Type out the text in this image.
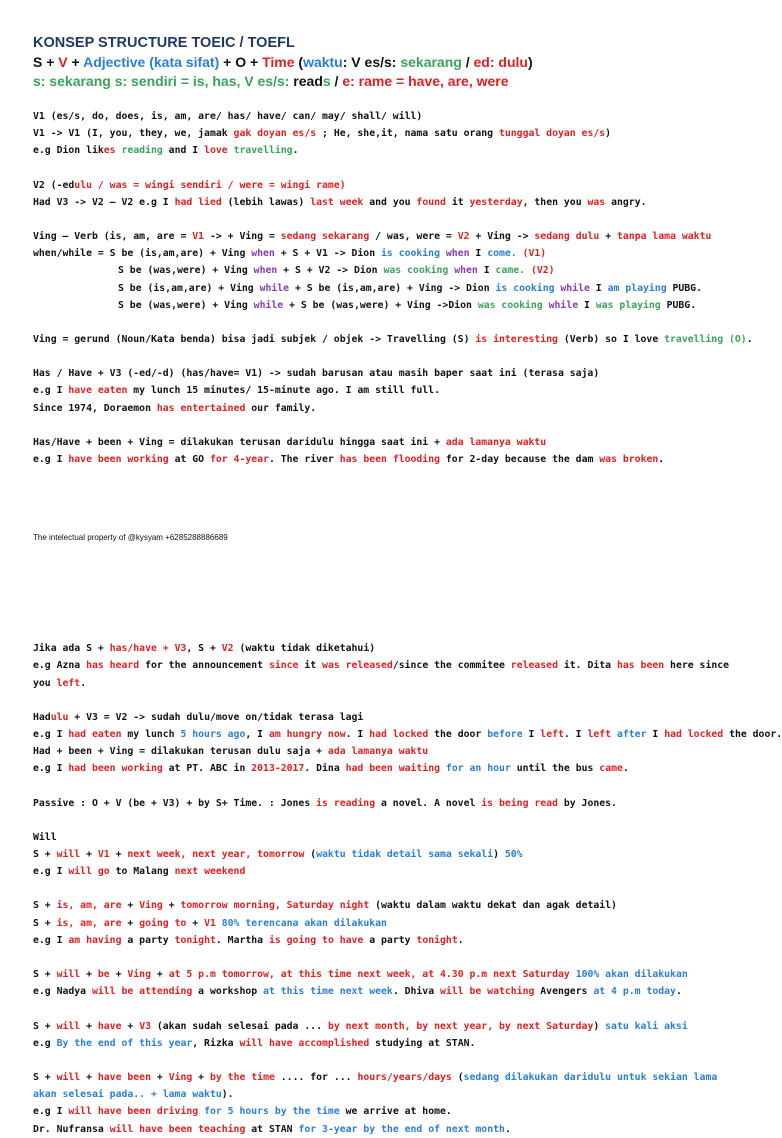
KONSEP STRUCTURE TOEIC / TOEFL

S + V + Adjective (kata sifat) + O + Time (waktu: V es/s: sekarang / ed: dulu)

s: sekarang s: sendiri = is, has, V es/s: reads / e: rame = have, are, were

V1 (es/s, do, does, is, am, are/ has/ have/ can/ may/ shall/ will)

V1 -> V1 (I, you, they, we, jamak gak doyan es/s ; He, she,it, nama satu orang tunggal doyan es/s)

e.g Dion likes reading and I love travelling.

V2 (-edulu / was = wingi sendiri / were = wingi rame)

Had V3 -> V2 – V2 e.g I had lied (lebih lawas) last week and you found it yesterday, then you was angry.

Ving – Verb (is, am, are = V1 -> + Ving = sedang sekarang / was, were = V2 + Ving -> sedang dulu + tanpa lama waktu

when/while = S be (is,am,are) + Ving when + S + V1 -> Dion is cooking when I come. (V1)

S be (was,were) + Ving when + S + V2 -> Dion was cooking when I came. (V2)

S be (is,am,are) + Ving while + S be (is,am,are) + Ving -> Dion is cooking while I am playing PUBG.

S be (was,were) + Ving while + S be (was,were) + Ving ->Dion was cooking while I was playing PUBG.

Ving = gerund (Noun/Kata benda) bisa jadi subjek / objek -> Travelling (S) is interesting (Verb) so I love travelling (O).

Has / Have + V3 (-ed/-d) (has/have= V1) -> sudah barusan atau masih baper saat ini (terasa saja)

e.g I have eaten my lunch 15 minutes/ 15-minute ago. I am still full.

Since 1974, Doraemon has entertained our family.

Has/Have + been + Ving = dilakukan terusan daridulu hingga saat ini + ada lamanya waktu

e.g I have been working at GO for 4-year. The river has been flooding for 2-day because the dam was broken.

The intelectual property of @kysyam +6285288886689

Jika ada S + has/have + V3, S + V2 (waktu tidak diketahui)

e.g Azna has heard for the announcement since it was released/since the commitee released it. Dita has been here since you left.

Hadulu + V3 = V2 -> sudah dulu/move on/tidak terasa lagi

e.g I had eaten my lunch 5 hours ago, I am hungry now. I had locked the door before I left. I left after I had locked the door.

Had + been + Ving = dilakukan terusan dulu saja + ada lamanya waktu

e.g I had been working at PT. ABC in 2013-2017. Dina had been waiting for an hour until the bus came.

Passive : O + V (be + V3) + by S+ Time. : Jones is reading a novel. A novel is being read by Jones.

Will

S + will + V1 + next week, next year, tomorrow (waktu tidak detail sama sekali) 50%

e.g I will go to Malang next weekend

S + is, am, are + Ving + tomorrow morning, Saturday night (waktu dalam waktu dekat dan agak detail)

S + is, am, are + going to + V1 80% terencana akan dilakukan

e.g I am having a party tonight. Martha is going to have a party tonight.

S + will + be + Ving + at 5 p.m tomorrow, at this time next week, at 4.30 p.m next Saturday 100% akan dilakukan

e.g Nadya will be attending a workshop at this time next week. Dhiva will be watching Avengers at 4 p.m today.

S + will + have + V3 (akan sudah selesai pada ... by next month, by next year, by next Saturday) satu kali aksi

e.g By the end of this year, Rizka will have accomplished studying at STAN.

S + will + have been + Ving + by the time .... for ... hours/years/days (sedang dilakukan daridulu untuk sekian lama akan selesai pada.. + lama waktu).

e.g I will have been driving for 5 hours by the time we arrive at home.

Dr. Nufransa will have been teaching at STAN for 3-year by the end of next month.
